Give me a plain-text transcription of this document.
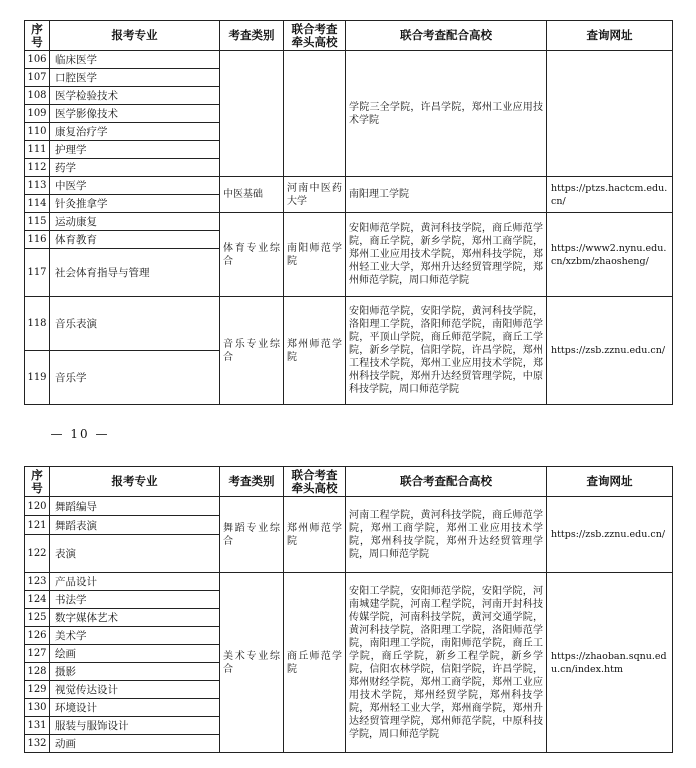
序
号	报考专业	考查类别	联合考查
牵头高校	联合考查配合高校	查询网址
106	临床医学			学院三全学院，许昌学院，郑州工业应用技术学院	
107	口腔医学				
108	医学检验技术				
109	医学影像技术				
110	康复治疗学				
111	护理学				
112	药学				
113	中医学	中医基础	河南中医药大学	南阳理工学院	https://ptzs.hactcm.edu.cn/
114	针灸推拿学				
115	运动康复	体育专业综合	南阳师范学院	安阳师范学院，黄河科技学院，商丘师范学院，商丘学院，新乡学院，郑州工商学院，郑州工业应用技术学院，郑州科技学院，郑州轻工业大学，郑州升达经贸管理学院，郑州师范学院，周口师范学院	https://www2.nynu.edu.cn/xzbm/zhaosheng/
116	体育教育				
117	社会体育指导与管理				
118	音乐表演	音乐专业综合	郑州师范学院	安阳师范学院，安阳学院，黄河科技学院，洛阳理工学院，洛阳师范学院，南阳师范学院，平顶山学院，商丘师范学院，商丘工学院，新乡学院，信阳学院，许昌学院，郑州工程技术学院，郑州工业应用技术学院，郑州科技学院，郑州升达经贸管理学院，中原科技学院，周口师范学院	https://zsb.zznu.edu.cn/
119	音乐学				
— 10 —
序
号	报考专业	考查类别	联合考查
牵头高校	联合考查配合高校	查询网址
120	舞蹈编导	舞蹈专业综合	郑州师范学院	河南工程学院，黄河科技学院，商丘师范学院，郑州工商学院，郑州工业应用技术学院，郑州科技学院，郑州升达经贸管理学院，周口师范学院	https://zsb.zznu.edu.cn/
121	舞蹈表演				
122	表演				
123	产品设计	美术专业综合	商丘师范学院	安阳工学院，安阳师范学院，安阳学院，河南城建学院，河南工程学院，河南开封科技传媒学院，河南科技学院，黄河交通学院，黄河科技学院，洛阳理工学院，洛阳师范学院，南阳理工学院，南阳师范学院，商丘工学院，商丘学院，新乡工程学院，新乡学院，信阳农林学院，信阳学院，许昌学院，郑州财经学院，郑州工商学院，郑州工业应用技术学院，郑州经贸学院，郑州科技学院，郑州轻工业大学，郑州商学院，郑州升达经贸管理学院，郑州师范学院，中原科技学院，周口师范学院	https://zhaoban.sqnu.edu.cn/index.htm
124	书法学				
125	数字媒体艺术				
126	美术学				
127	绘画				
128	摄影				
129	视觉传达设计				
130	环境设计				
131	服装与服饰设计				
132	动画				
